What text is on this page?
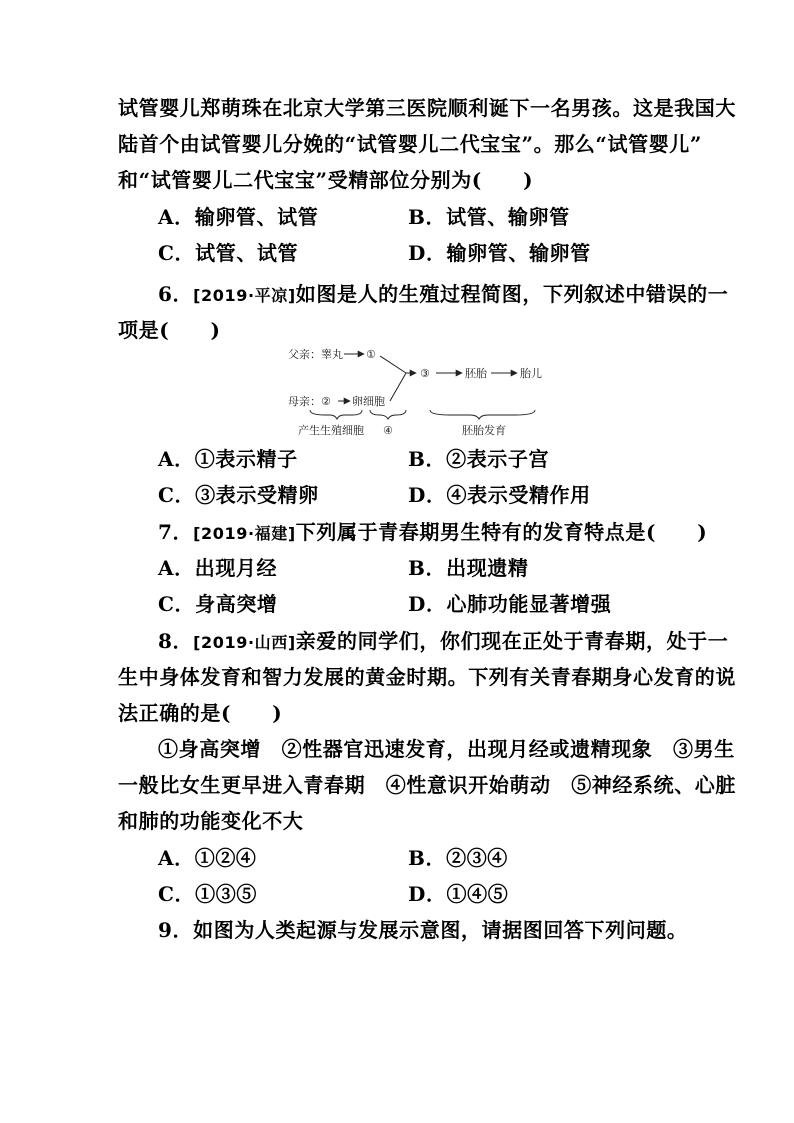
试管婴儿郑萌珠在北京大学第三医院顺利诞下一名男孩。这是我国大
陆首个由试管婴儿分娩的“试管婴儿二代宝宝”。那么“试管婴儿”
和“试管婴儿二代宝宝”受精部位分别为(　　)
A．输卵管、试管	B．试管、输卵管
C．试管、试管	D．输卵管、输卵管
6．[2019·平凉]如图是人的生殖过程简图，下列叙述中错误的一
项是(　　)
父亲：睾丸 ①
母亲：② 卵细胞
③	胚胎	胎儿
产生生殖细胞 ④	胚胎发育
A．①表示精子	B．②表示子宫
C．③表示受精卵	D．④表示受精作用
7．[2019·福建]下列属于青春期男生特有的发育特点是(　　)
A．出现月经	B．出现遗精
C．身高突增	D．心肺功能显著增强
8．[2019·山西]亲爱的同学们，你们现在正处于青春期，处于一
生中身体发育和智力发展的黄金时期。下列有关青春期身心发育的说
法正确的是(　　)
①身高突增　②性器官迅速发育，出现月经或遗精现象　③男生
一般比女生更早进入青春期　④性意识开始萌动　⑤神经系统、心脏
和肺的功能变化不大
A．①②④	B．②③④
C．①③⑤	D．①④⑤
9．如图为人类起源与发展示意图，请据图回答下列问题。
